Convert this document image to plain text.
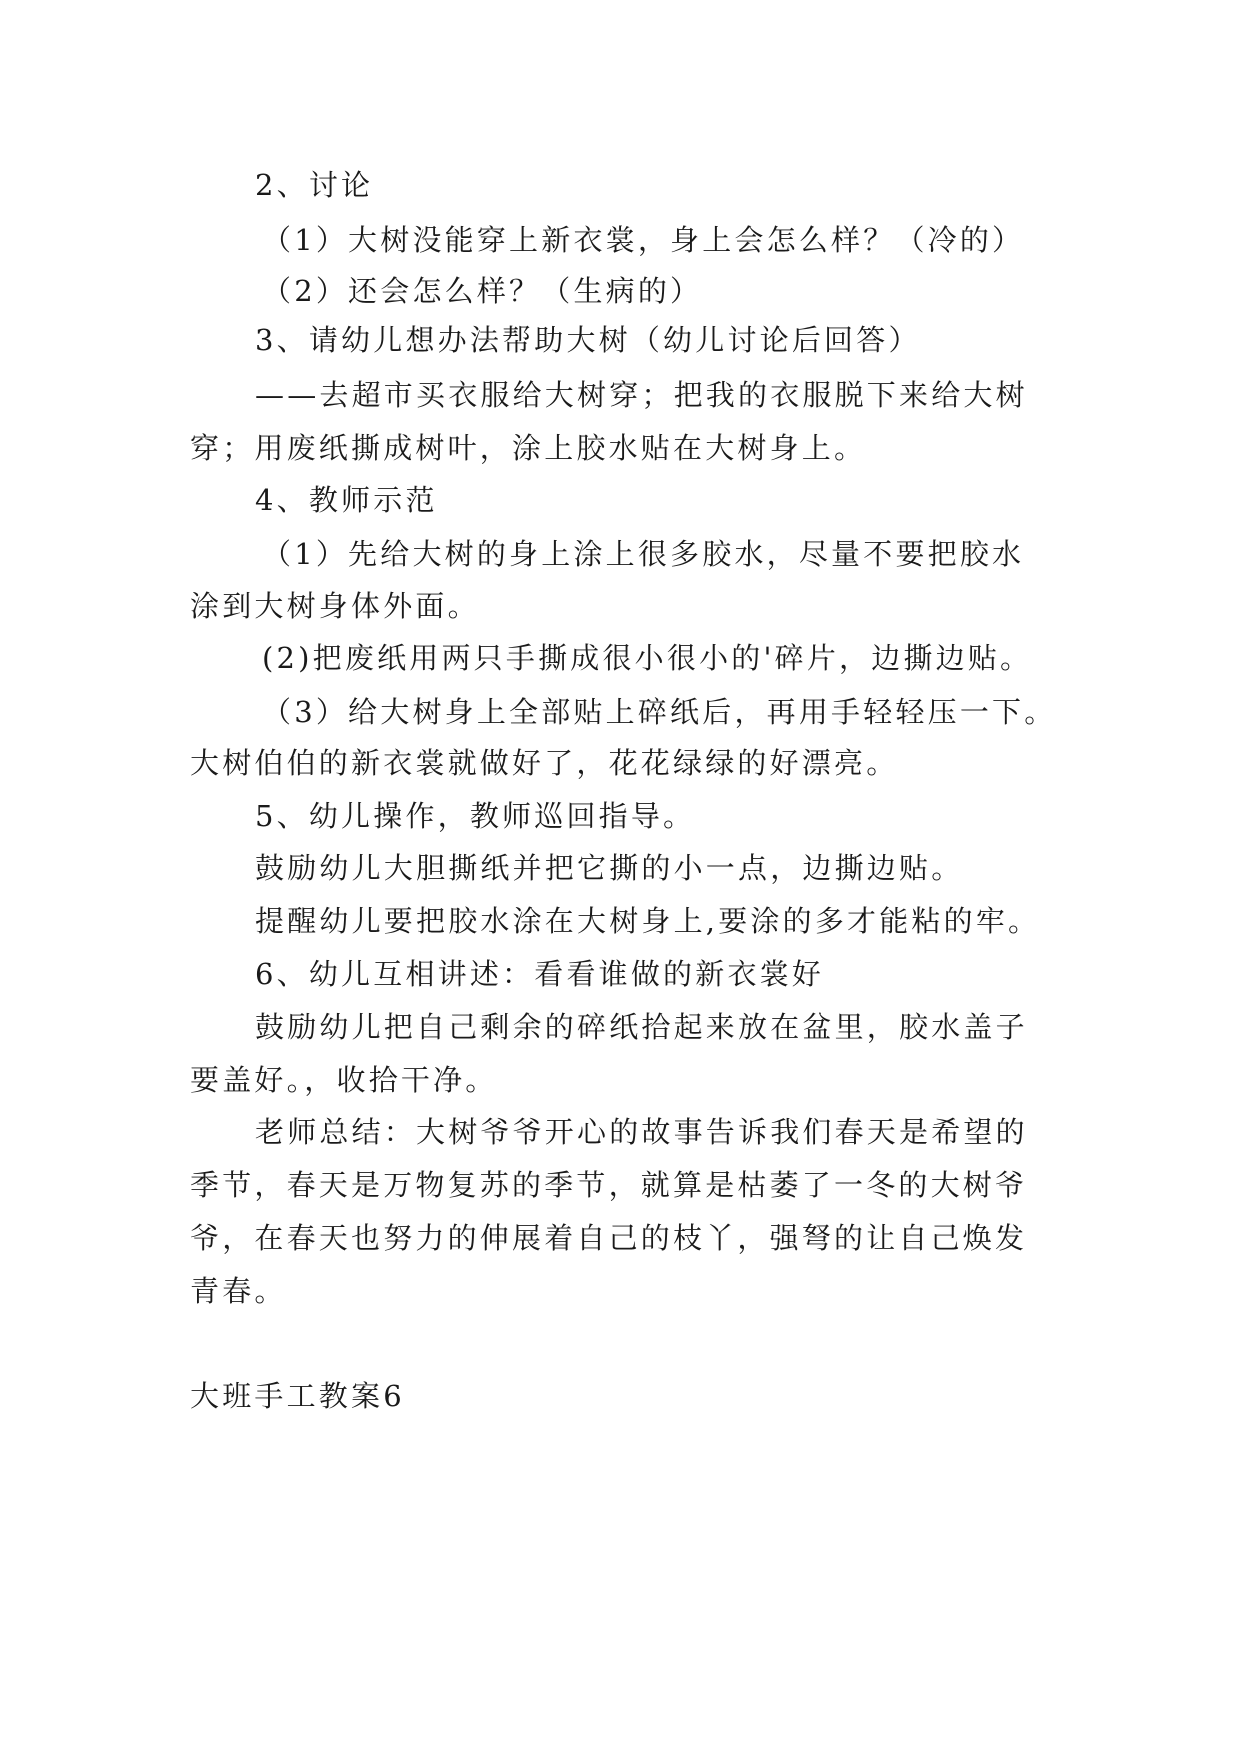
2、讨论
（1）大树没能穿上新衣裳，身上会怎么样？（冷的）
（2）还会怎么样？（生病的）
3、请幼儿想办法帮助大树（幼儿讨论后回答）
——去超市买衣服给大树穿；把我的衣服脱下来给大树
穿；用废纸撕成树叶，涂上胶水贴在大树身上。
4、教师示范
（1）先给大树的身上涂上很多胶水，尽量不要把胶水
涂到大树身体外面。
(2)把废纸用两只手撕成很小很小的'碎片，边撕边贴。
（3）给大树身上全部贴上碎纸后，再用手轻轻压一下。
大树伯伯的新衣裳就做好了，花花绿绿的好漂亮。
5、幼儿操作，教师巡回指导。
鼓励幼儿大胆撕纸并把它撕的小一点，边撕边贴。
提醒幼儿要把胶水涂在大树身上,要涂的多才能粘的牢。
6、幼儿互相讲述：看看谁做的新衣裳好
鼓励幼儿把自己剩余的碎纸拾起来放在盆里，胶水盖子
要盖好。，收拾干净。
老师总结：大树爷爷开心的故事告诉我们春天是希望的
季节，春天是万物复苏的季节，就算是枯萎了一冬的大树爷
爷，在春天也努力的伸展着自己的枝丫，强弩的让自己焕发
青春。
大班手工教案6
